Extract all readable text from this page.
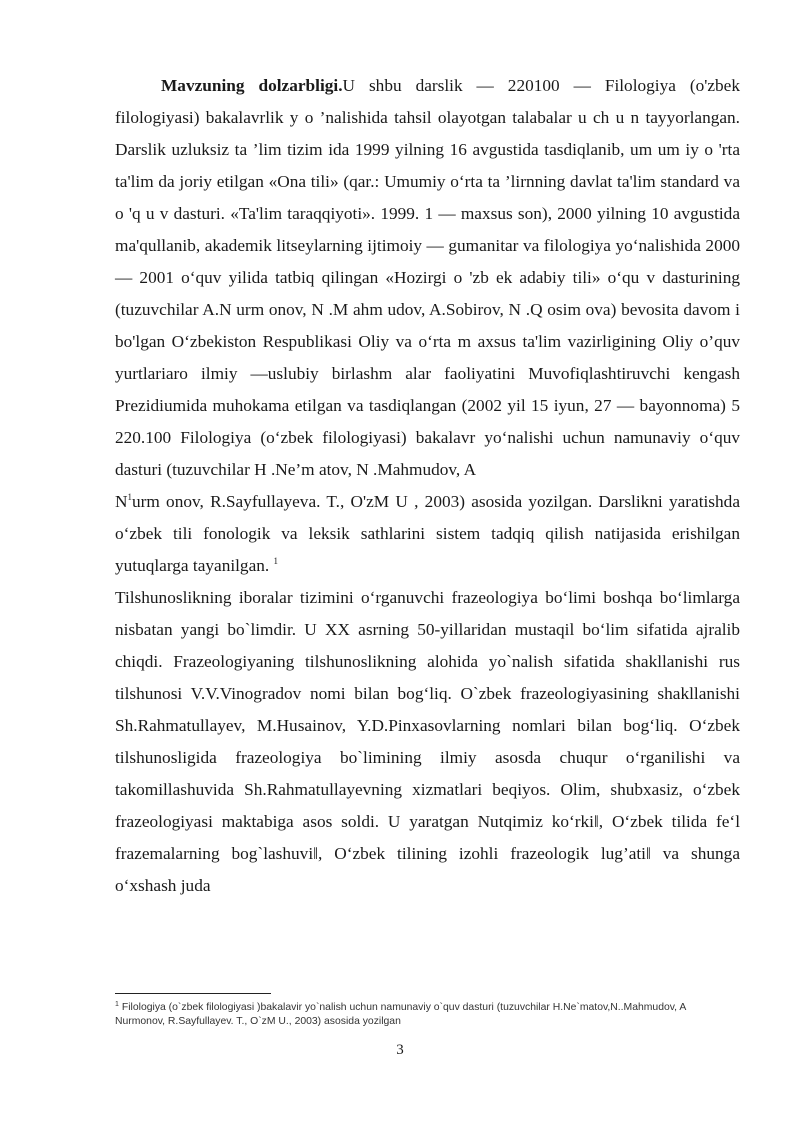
Mavzuning dolzarbligi.U shbu darslik — 220100 — Filologiya (o'zbek filologiyasi) bakalavrlik y o ’nalishida tahsil olayotgan talabalar u ch u n tayyorlangan. Darslik uzluksiz ta ’lim tizim ida 1999 yilning 16 avgustida tasdiqlanib, um um iy o 'rta ta'lim da joriy etilgan «Ona tili» (qar.: Umumiy o‘rta ta ’lirnning davlat ta'lim standard va o 'q u v dasturi. «Ta'lim taraqqiyoti». 1999. 1 — maxsus son), 2000 yilning 10 avgustida ma'qullanib, akademik litseylarning ijtimoiy — gumanitar va filologiya yo‘nalishida 2000 — 2001 o‘quv yilida tatbiq qilingan «Hozirgi o 'zb ek adabiy tili» o‘qu v dasturining (tuzuvchilar A.N urm onov, N .M ahm udov, A.Sobirov, N .Q osim ova) bevosita davom i bo'lgan O‘zbekiston Respublikasi Oliy va o‘rta m axsus ta'lim vazirligining Oliy o’quv yurtlariaro ilmiy —uslubiy birlashm alar faoliyatini Muvofiqlashtiruvchi kengash Prezidiumida muhokama etilgan va tasdiqlangan (2002 yil 15 iyun, 27 — bayonnoma) 5 220.100 Filologiya (o‘zbek filologiyasi) bakalavr yo‘nalishi uchun namunaviy o‘quv dasturi (tuzuvchilar H .Ne’m atov, N .Mahmudov, A

$N^1urm$ onov, R.Sayfullayeva. T., O'zM U , 2003) asosida yozilgan. Darslikni yaratishda o‘zbek tili fonologik va leksik sathlarini sistem tadqiq qilish natijasida erishilgan yutuqlarga tayanilgan. $^1$

Tilshunoslikning iboralar tizimini o‘rganuvchi frazeologiya bo‘limi boshqa bo‘limlarga nisbatan yangi bo`limdir. U XX asrning 50-yillaridan mustaqil bo‘lim sifatida ajralib chiqdi. Frazeologiyaning tilshunoslikning alohida yo`nalish sifatida shakllanishi rus tilshunosi V.V.Vinogradov nomi bilan bog‘liq. O`zbek frazeologiyasining shakllanishi Sh.Rahmatullayev, M.Husainov, Y.D.Pinxasovlarning nomlari bilan bog‘liq. O‘zbek tilshunosligida frazeologiya bo`limining ilmiy asosda chuqur o‘rganilishi va takomillashuvida Sh.Rahmatullayevning xizmatlari beqiyos. Olim, shubxasiz, o‘zbek frazeologiyasi maktabiga asos soldi. U yaratgan Nutqimiz ko‘rki‖, O‘zbek tilida fe‘l frazemalarning bog`lashuvi‖, O‘zbek tilining izohli frazeologik lug’ati‖ va shunga o‘xshash juda

$^1$ Filologiya (o`zbek filologiyasi )bakalavir yo`nalish uchun namunaviy o`quv dasturi (tuzuvchilar H.Ne`matov,N..Mahmudov, A Nurmonov, R.Sayfullayev. T., O`zM U., 2003) asosida yozilgan
3
